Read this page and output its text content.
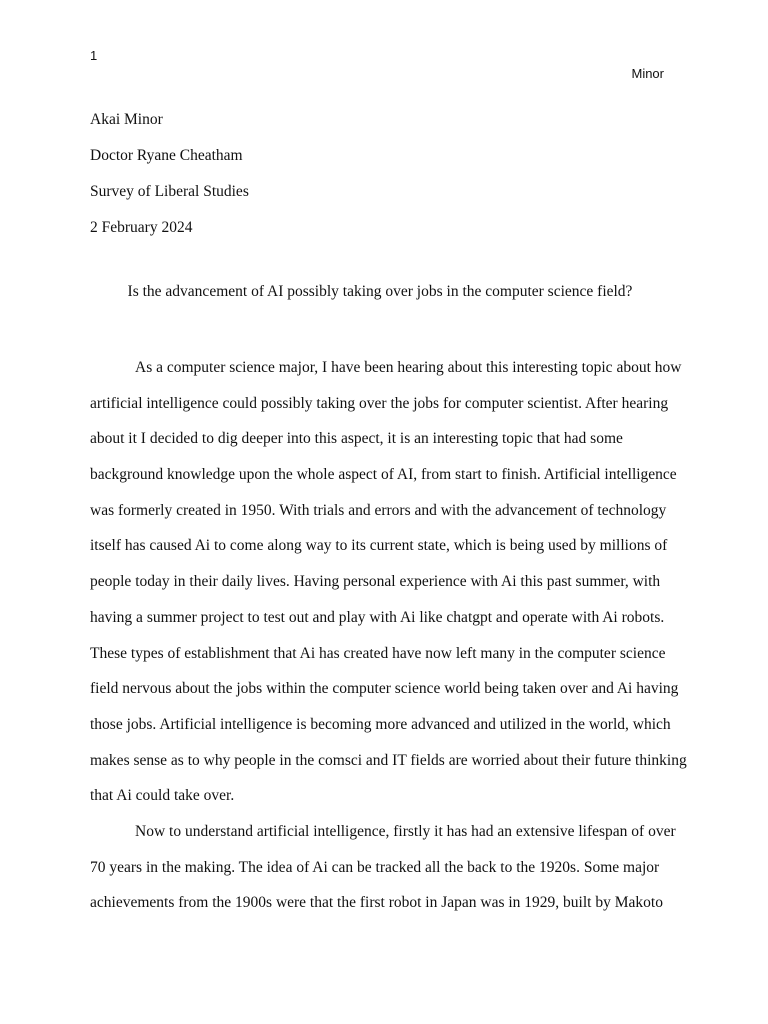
1
Minor
Akai Minor
Doctor Ryane Cheatham
Survey of Liberal Studies
2 February 2024
Is the advancement of AI possibly taking over jobs in the computer science field?
As a computer science major, I have been hearing about this interesting topic about how
artificial intelligence could possibly taking over the jobs for computer scientist. After hearing
about it I decided to dig deeper into this aspect, it is an interesting topic that had some
background knowledge upon the whole aspect of AI, from start to finish. Artificial intelligence
was formerly created in 1950. With trials and errors and with the advancement of technology
itself has caused Ai to come along way to its current state, which is being used by millions of
people today in their daily lives. Having personal experience with Ai this past summer, with
having a summer project to test out and play with Ai like chatgpt and operate with Ai robots.
These types of establishment that Ai has created have now left many in the computer science
field nervous about the jobs within the computer science world being taken over and Ai having
those jobs. Artificial intelligence is becoming more advanced and utilized in the world, which
makes sense as to why people in the comsci and IT fields are worried about their future thinking
that Ai could take over.
Now to understand artificial intelligence, firstly it has had an extensive lifespan of over
70 years in the making. The idea of Ai can be tracked all the back to the 1920s. Some major
achievements from the 1900s were that the first robot in Japan was in 1929, built by Makoto
